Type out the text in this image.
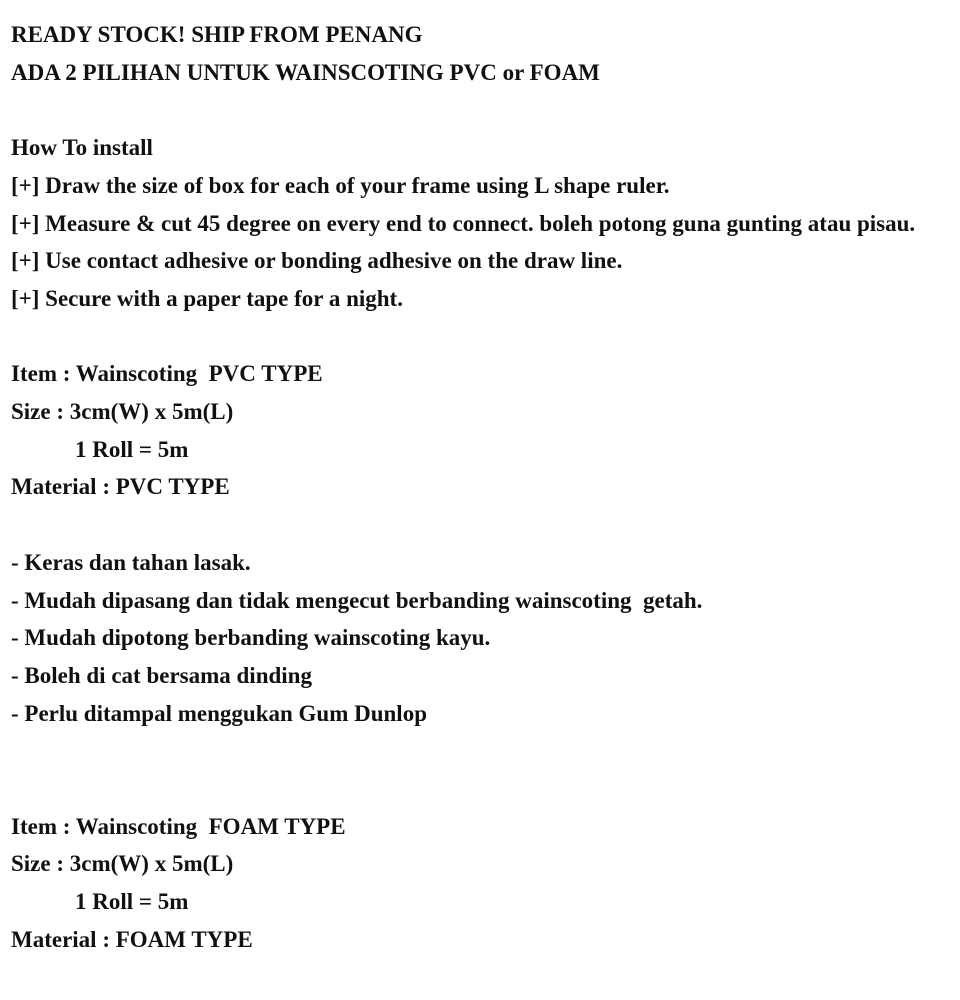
READY STOCK! SHIP FROM PENANG
ADA 2 PILIHAN UNTUK WAINSCOTING PVC or FOAM
How To install
[+] Draw the size of box for each of your frame using L shape ruler.
[+] Measure & cut 45 degree on every end to connect. boleh potong guna gunting atau pisau.
[+] Use contact adhesive or bonding adhesive on the draw line.
[+] Secure with a paper tape for a night.
Item : Wainscoting  PVC TYPE
Size : 3cm(W) x 5m(L)
1 Roll = 5m
Material : PVC TYPE
- Keras dan tahan lasak.
- Mudah dipasang dan tidak mengecut berbanding wainscoting  getah.
- Mudah dipotong berbanding wainscoting kayu.
- Boleh di cat bersama dinding
- Perlu ditampal menggukan Gum Dunlop
Item : Wainscoting  FOAM TYPE
Size : 3cm(W) x 5m(L)
1 Roll = 5m
Material : FOAM TYPE
